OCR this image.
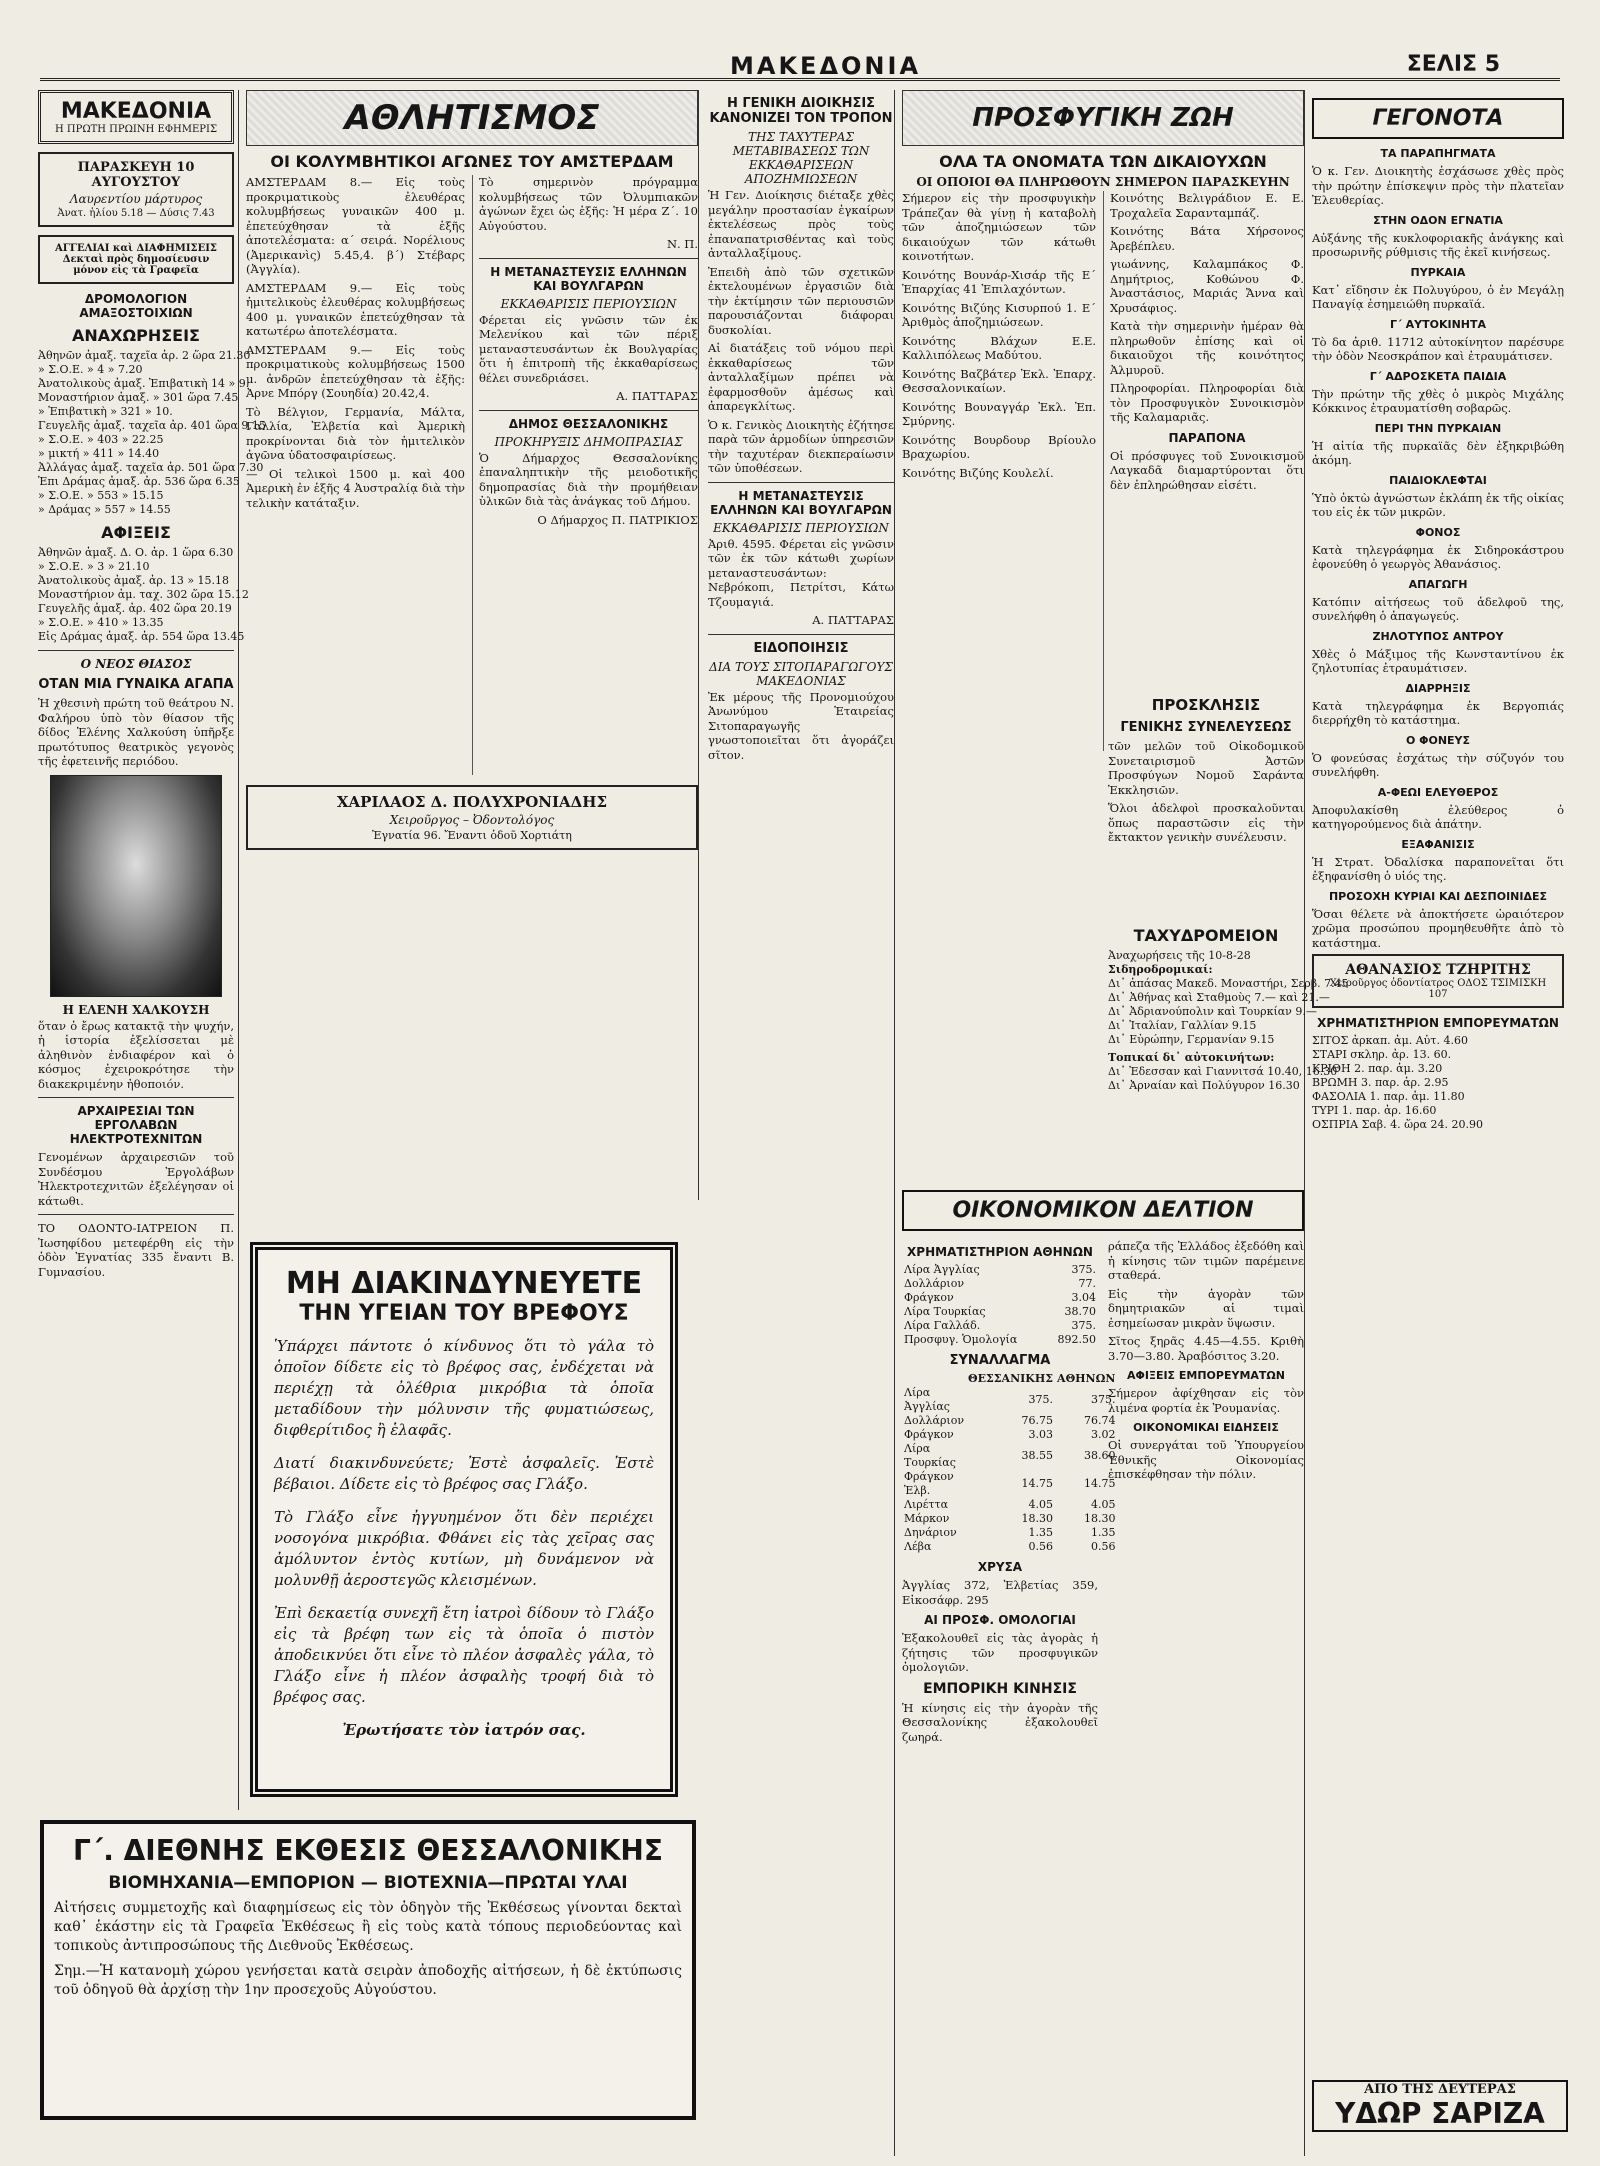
ΜΑΚΕΔΟΝΙΑ	ΣΕΛΙΣ 5
ΜΑΚΕΔΟΝΙΑ
Η ΠΡΩΤΗ ΠΡΩΙΝΗ ΕΦΗΜΕΡΙΣ
ΠΑΡΑΣΚΕΥΗ 10 ΑΥΓΟΥΣΤΟΥ
Λαυρεντίου μάρτυρος
Ἀνατ. ἡλίου 5.18 — Δύσις 7.43
ΑΓΓΕΛΙΑΙ καὶ ΔΙΑΦΗΜΙΣΕΙΣ Δεκταὶ πρὸς δημοσίευσιν μόνον εἰς τὰ Γραφεῖα
ΔΡΟΜΟΛΟΓΙΟΝ ΑΜΑΞΟΣΤΟΙΧΙΩΝ
ΑΝΑΧΩΡΗΣΕΙΣ
Ἀθηνῶν ἀμαξ. ταχεῖα ἀρ. 2 ὥρα 21.30
» Σ.Ο.Ε. » 4 » 7.20
Ἀνατολικοὺς ἀμαξ. Ἐπιβατικὴ 14 » 9.
Μοναστήριον ἀμαξ. » 301 ὥρα 7.45
» Ἐπιβατικὴ » 321 » 10.
Γευγελῆς ἀμαξ. ταχεῖα ἀρ. 401 ὥρα 9.15
» Σ.Ο.Ε. » 403 » 22.25
» μικτή » 411 » 14.40
Ἀλλάγας ἀμαξ. ταχεῖα ἀρ. 501 ὥρα 7.30
Ἐπι Δράμας ἀμαξ. ἀρ. 536 ὥρα 6.35
» Σ.Ο.Ε. » 553 » 15.15
» Δράμας » 557 » 14.55
ΑΦΙΞΕΙΣ
Ἀθηνῶν ἀμαξ. Δ. Ο. ἀρ. 1 ὥρα 6.30
» Σ.Ο.Ε. » 3 » 21.10
Ἀνατολικοὺς ἀμαξ. ἀρ. 13 » 15.18
Μοναστήριον ἀμ. ταχ. 302 ὥρα 15.12
Γευγελῆς ἀμαξ. ἀρ. 402 ὥρα 20.19
» Σ.Ο.Ε. » 410 » 13.35
Εἰς Δράμας ἀμαξ. ἀρ. 554 ὥρα 13.45
Ο ΝΕΟΣ ΘΙΑΣΟΣ
ΟΤΑΝ ΜΙΑ ΓΥΝΑΙΚΑ ΑΓΑΠΑ

Ἡ χθεσινὴ πρώτη τοῦ θεάτρου Ν. Φαλήρου ὑπὸ τὸν θίασον τῆς δίδος Ἑλένης Χαλκούση ὑπῆρξε πρωτότυπος θεατρικὸς γεγονὸς τῆς ἐφετεινῆς περιόδου.

Η ΕΛΕΝΗ ΧΑΛΚΟΥΣΗ

ὅταν ὁ ἔρως κατακτᾷ τὴν ψυχήν, ἡ ἱστορία ἐξελίσσεται μὲ ἀληθινὸν ἐνδιαφέρον καὶ ὁ κόσμος ἐχειροκρότησε τὴν διακεκριμένην ἠθοποιόν.

ΑΡΧΑΙΡΕΣΙΑΙ ΤΩΝ ΕΡΓΟΛΑΒΩΝ ΗΛΕΚΤΡΟΤΕΧΝΙΤΩΝ

Γενομένων ἀρχαιρεσιῶν τοῦ Συνδέσμου Ἐργολάβων Ἠλεκτροτεχνιτῶν ἐξελέγησαν οἱ κάτωθι.

ΤΟ ΟΔΟΝΤΟ-ΙΑΤΡΕΙΟΝ Π. Ἰωσηφίδου μετεφέρθη εἰς τὴν ὁδὸν Ἐγνατίας 335 ἔναντι Β. Γυμνασίου.

ΑΘΛΗΤΙΣΜΟΣ
ΟΙ ΚΟΛΥΜΒΗΤΙΚΟΙ ΑΓΩΝΕΣ ΤΟΥ ΑΜΣΤΕΡΔΑΜ

ΑΜΣΤΕΡΔΑΜ 8.— Εἰς τοὺς προκριματικοὺς ἐλευθέρας κολυμβήσεως γυναικῶν 400 μ. ἐπετεύχθησαν τὰ ἑξῆς ἀποτελέσματα: α΄ σειρά. Νορέλιους (Ἀμερικανὶς) 5.45,4. β΄) Στέβαρς (Ἀγγλία).

ΑΜΣΤΕΡΔΑΜ 9.— Εἰς τοὺς ἡμιτελικοὺς ἐλευθέρας κολυμβήσεως 400 μ. γυναικῶν ἐπετεύχθησαν τὰ κατωτέρω ἀποτελέσματα.

ΑΜΣΤΕΡΔΑΜ 9.— Εἰς τοὺς προκριματικοὺς κολυμβήσεως 1500 μ. ἀνδρῶν ἐπετεύχθησαν τὰ ἑξῆς: Ἀρνε Μπόργ (Σουηδία) 20.42,4.

Τὸ Βέλγιον, Γερμανία, Μάλτα, Γαλλία, Ἐλβετία καὶ Ἀμερικὴ προκρίνονται διὰ τὸν ἡμιτελικὸν ἀγῶνα ὑδατοσφαιρίσεως.

— Οἱ τελικοὶ 1500 μ. καὶ 400 Ἀμερικὴ ἐν ἑξῆς 4 Ἀυστραλίᾳ διὰ τὴν τελικὴν κατάταξιν.

Τὸ σημερινὸν πρόγραμμα κολυμβήσεως τῶν Ὀλυμπιακῶν ἀγώνων ἔχει ὡς ἑξῆς: Ἡ μέρα Ζ΄. 10 Αὐγούστου.

Ν. Π.

Η ΜΕΤΑΝΑΣΤΕΥΣΙΣ ΕΛΛΗΝΩΝ ΚΑΙ ΒΟΥΛΓΑΡΩΝ
ΕΚΚΑΘΑΡΙΣΙΣ ΠΕΡΙΟΥΣΙΩΝ

Φέρεται εἰς γνῶσιν τῶν ἐκ Μελενίκου καὶ τῶν πέριξ μεταναστευσάντων ἐκ Βουλγαρίας ὅτι ἡ ἐπιτροπὴ τῆς ἐκκαθαρίσεως θέλει συνεδριάσει.

Α. ΠΑΤΤΑΡΑΣ

ΔΗΜΟΣ ΘΕΣΣΑΛΟΝΙΚΗΣ
ΠΡΟΚΗΡΥΞΙΣ ΔΗΜΟΠΡΑΣΙΑΣ

Ὁ Δήμαρχος Θεσσαλονίκης ἐπαναληπτικὴν τῆς μειοδοτικῆς δημοπρασίας διὰ τὴν προμήθειαν ὑλικῶν διὰ τὰς ἀνάγκας τοῦ Δήμου.

Ο Δήμαρχος Π. ΠΑΤΡΙΚΙΟΣ

ΧΑΡΙΛΑΟΣ Δ. ΠΟΛΥΧΡΟΝΙΑΔΗΣ
Χειροῦργος – Ὀδοντολόγος
Ἐγνατία 96. Ἔναντι ὁδοῦ Χορτιάτη
ΜΗ ΔΙΑΚΙΝΔΥΝΕΥΕΤΕ
ΤΗΝ ΥΓΕΙΑΝ ΤΟΥ ΒΡΕΦΟΥΣ

Ὑπάρχει πάντοτε ὁ κίνδυνος ὅτι τὸ γάλα τὸ ὁποῖον δίδετε εἰς τὸ βρέφος σας, ἐνδέχεται νὰ περιέχῃ τὰ ὀλέθρια μικρόβια τὰ ὁποῖα μεταδίδουν τὴν μόλυνσιν τῆς φυματιώσεως, διφθερίτιδος ἢ ἑλαφᾶς.

Διατί διακινδυνεύετε; Ἐστὲ ἀσφαλεῖς. Ἐστὲ βέβαιοι. Δίδετε εἰς τὸ βρέφος σας Γλάξο.

Τὸ Γλάξο εἶνε ἠγγυημένον ὅτι δὲν περιέχει νοσογόνα μικρόβια. Φθάνει εἰς τὰς χεῖρας σας ἀμόλυντον ἐντὸς κυτίων, μὴ δυνάμενον νὰ μολυνθῇ ἀεροστεγῶς κλεισμένων.

Ἐπὶ δεκαετίᾳ συνεχῆ ἔτη ἰατροὶ δίδουν τὸ Γλάξο εἰς τὰ βρέφη των εἰς τὰ ὁποῖα ὁ πιστὸν ἀποδεικνύει ὅτι εἶνε τὸ πλέον ἀσφαλὲς γάλα, τὸ Γλάξο εἶνε ἡ πλέον ἀσφαλὴς τροφή διὰ τὸ βρέφος σας.

Ἐρωτήσατε τὸν ἰατρόν σας.

Γ΄. ΔΙΕΘΝΗΣ ΕΚΘΕΣΙΣ ΘΕΣΣΑΛΟΝΙΚΗΣ
ΒΙΟΜΗΧΑΝΙΑ—ΕΜΠΟΡΙΟΝ — ΒΙΟΤΕΧΝΙΑ—ΠΡΩΤΑΙ ΥΛΑΙ

Αἰτήσεις συμμετοχῆς καὶ διαφημίσεως εἰς τὸν ὁδηγὸν τῆς Ἐκθέσεως γίνονται δεκταὶ καθ᾽ ἑκάστην εἰς τὰ Γραφεῖα Ἐκθέσεως ἢ εἰς τοὺς κατὰ τόπους περιοδεύοντας καὶ τοπικοὺς ἀντιπροσώπους τῆς Διεθνοῦς Ἐκθέσεως.

Σημ.—Ἡ κατανομὴ χώρου γενήσεται κατὰ σειρὰν ἀποδοχῆς αἰτήσεων, ἡ δὲ ἐκτύπωσις τοῦ ὁδηγοῦ θὰ ἀρχίσῃ τὴν 1ην προσεχοῦς Αὐγούστου.

Η ΓΕΝΙΚΗ ΔΙΟΙΚΗΣΙΣ ΚΑΝΟΝΙΖΕΙ ΤΟΝ ΤΡΟΠΟΝ
ΤΗΣ ΤΑΧΥΤΕΡΑΣ ΜΕΤΑΒΙΒΑΣΕΩΣ ΤΩΝ ΕΚΚΑΘΑΡΙΣΕΩΝ ΑΠΟΖΗΜΙΩΣΕΩΝ

Ἡ Γεν. Διοίκησις διέταξε χθὲς μεγάλην προστασίαν ἐγκαίρων ἐκτελέσεως πρὸς τοὺς ἐπαναπατρισθέντας καὶ τοὺς ἀνταλλαξίμους.

Ἐπειδὴ ἀπὸ τῶν σχετικῶν ἐκτελουμένων ἐργασιῶν διὰ τὴν ἐκτίμησιν τῶν περιουσιῶν παρουσιάζονται διάφοραι δυσκολίαι.

Αἱ διατάξεις τοῦ νόμου περὶ ἐκκαθαρίσεως τῶν ἀνταλλαξίμων πρέπει νὰ ἐφαρμοσθοῦν ἀμέσως καὶ ἀπαρεγκλίτως.

Ὁ κ. Γενικὸς Διοικητὴς ἐζήτησε παρὰ τῶν ἁρμοδίων ὑπηρεσιῶν τὴν ταχυτέραν διεκπεραίωσιν τῶν ὑποθέσεων.

Η ΜΕΤΑΝΑΣΤΕΥΣΙΣ ΕΛΛΗΝΩΝ ΚΑΙ ΒΟΥΛΓΑΡΩΝ
ΕΚΚΑΘΑΡΙΣΙΣ ΠΕΡΙΟΥΣΙΩΝ

Ἀριθ. 4595. Φέρεται εἰς γνῶσιν τῶν ἐκ τῶν κάτωθι χωρίων μεταναστευσάντων: Νεβρόκοπι, Πετρίτσι, Κάτω Τζουμαγιά.

Α. ΠΑΤΤΑΡΑΣ

ΕΙΔΟΠΟΙΗΣΙΣ
ΔΙΑ ΤΟΥΣ ΣΙΤΟΠΑΡΑΓΩΓΟΥΣ ΜΑΚΕΔΟΝΙΑΣ

Ἐκ μέρους τῆς Προνομιούχου Ἀνωνύμου Ἑταιρείας Σιτοπαραγωγῆς γνωστοποιεῖται ὅτι ἀγοράζει σῖτον.

ΠΡΟΣΦΥΓΙΚΗ ΖΩΗ
ΟΛΑ ΤΑ ΟΝΟΜΑΤΑ ΤΩΝ ΔΙΚΑΙΟΥΧΩΝ
ΟΙ ΟΠΟΙΟΙ ΘΑ ΠΛΗΡΩΘΟΥΝ ΣΗΜΕΡΟΝ ΠΑΡΑΣΚΕΥΗΝ

Σήμερον εἰς τὴν προσφυγικὴν Τράπεζαν θὰ γίνῃ ἡ καταβολὴ τῶν ἀποζημιώσεων τῶν δικαιούχων τῶν κάτωθι κοινοτήτων.

Κοινότης Βουνάρ-Χισάρ τῆς Ε΄ Ἐπαρχίας 41 Ἐπιλαχόντων.

Κοινότης Βιζύης Κισυρπού 1. Ε΄ Ἀριθμὸς ἀποζημιώσεων.

Κοινότης Βλάχων Ε.Ε. Καλλιπόλεως Μαδύτου.

Κοινότης Βαζβάτερ Ἐκλ. Ἐπαρχ. Θεσσαλονικαίων.

Κοινότης Βουναγγάρ Ἐκλ. Ἐπ. Σμύρνης.

Κοινότης Βουρδουρ Βρίουλο Βραχωρίου.

Κοινότης Βιζύης Κουλελί.

Κοινότης Βελιγράδιον Ε. Ε. Τροχαλεῖα Σαρανταμπάζ.

Κοινότης Βάτα Χήρσονος Ἀρεβέπλευ.

γιωάννης, Καλαμπάκος Φ. Δημήτριος, Κοθώνου Φ. Ἀναστάσιος, Μαριάς Ἄννα καὶ Χρυσάφιος.

Κατὰ τὴν σημερινὴν ἡμέραν θὰ πληρωθοῦν ἐπίσης καὶ οἱ δικαιοῦχοι τῆς κοινότητος Ἀλμυροῦ.

Πληροφορίαι. Πληροφορίαι διὰ τὸν Προσφυγικὸν Συνοικισμὸν τῆς Καλαμαριᾶς.

ΠΑΡΑΠΟΝΑ

Οἱ πρόσφυγες τοῦ Συνοικισμοῦ Λαγκαδᾶ διαμαρτύρονται ὅτι δὲν ἐπληρώθησαν εἰσέτι.

ΠΡΟΣΚΛΗΣΙΣ
ΓΕΝΙΚΗΣ ΣΥΝΕΛΕΥΣΕΩΣ

τῶν μελῶν τοῦ Οἰκοδομικοῦ Συνεταιρισμοῦ Ἀστῶν Προσφύγων Νομοῦ Σαράντα Ἐκκλησιῶν.

Ὅλοι ἀδελφοὶ προσκαλοῦνται ὅπως παραστῶσιν εἰς τὴν ἔκτακτον γενικὴν συνέλευσιν.

ΤΑΧΥΔΡΟΜΕΙΟΝ
Ἀναχωρήσεις τῆς 10-8-28
Σιδηροδρομικαί:
Δι᾽ ἀπάσας Μακεδ. Μοναστήρι, Σερβ. 7.45
Δι᾽ Ἀθήνας καὶ Σταθμοὺς 7.— καὶ 21.—
Δι᾽ Ἀδριανούπολιν καὶ Τουρκίαν 9.—
Δι᾽ Ἰταλίαν, Γαλλίαν 9.15
Δι᾽ Εὐρώπην, Γερμανίαν 9.15
Τοπικαί δι᾽ αὐτοκινήτων:
Δι᾽ Ἐδεσσαν καὶ Γιαννιτσά 10.40, 16.30
Δι᾽ Ἀρναίαν καὶ Πολύγυρον 16.30
ΟΙΚΟΝΟΜΙΚΟΝ ΔΕΛΤΙΟΝ
ΧΡΗΜΑΤΙΣΤΗΡΙΟΝ ΑΘΗΝΩΝ
Λίρα Ἀγγλίας	375.
Δολλάριον	77.
Φράγκον	3.04
Λίρα Τουρκίας	38.70
Λίρα Γαλλάδ.	375.
Προσφυγ. Ὁμολογία	892.50
ΣΥΝΑΛΛΑΓΜΑ
	ΘΕΣΣΑΝΙΚΗΣ	ΑΘΗΝΩΝ
Λίρα Ἀγγλίας	375.	375.
Δολλάριον	76.75	76.74
Φράγκον	3.03	3.02
Λίρα Τουρκίας	38.55	38.60
Φράγκον Ἐλβ.	14.75	14.75
Λιρέττα	4.05	4.05
Μάρκον	18.30	18.30
Δηνάριον	1.35	1.35
Λέβα	0.56	0.56
ΧΡΥΣΑ

Ἀγγλίας 372, Ἐλβετίας 359, Εἰκοσάφρ. 295

ΑΙ ΠΡΟΣΦ. ΟΜΟΛΟΓΙΑΙ

Ἐξακολουθεῖ εἰς τὰς ἀγορὰς ἡ ζήτησις τῶν προσφυγικῶν ὁμολογιῶν.

ΕΜΠΟΡΙΚΗ ΚΙΝΗΣΙΣ

Ἡ κίνησις εἰς τὴν ἀγορὰν τῆς Θεσσαλονίκης ἐξακολουθεῖ ζωηρά.

ράπεζα τῆς Ἑλλάδος ἐξεδόθη καὶ ἡ κίνησις τῶν τιμῶν παρέμεινε σταθερά.

Εἰς τὴν ἀγορὰν τῶν δημητριακῶν αἱ τιμαὶ ἐσημείωσαν μικρὰν ὕψωσιν.

Σῖτος ξηρᾶς 4.45—4.55. Κριθὴ 3.70—3.80. Ἀραβόσιτος 3.20.

ΑΦΙΞΕΙΣ ΕΜΠΟΡΕΥΜΑΤΩΝ

Σήμερον ἀφίχθησαν εἰς τὸν λιμένα φορτία ἐκ Ῥουμανίας.

ΟΙΚΟΝΟΜΙΚΑΙ ΕΙΔΗΣΕΙΣ

Οἱ συνεργάται τοῦ Ὑπουργείου Ἐθνικῆς Οἰκονομίας ἐπισκέφθησαν τὴν πόλιν.

ΓΕΓΟΝΟΤΑ
ΤΑ ΠΑΡΑΠΗΓΜΑΤΑ

Ὁ κ. Γεν. Διοικητὴς ἐσχάσωσε χθὲς πρὸς τὴν πρώτην ἐπίσκεψιν πρὸς τὴν πλατεῖαν Ἐλευθερίας.

ΣΤΗΝ ΟΔΟΝ ΕΓΝΑΤΙΑ

Αὐξάνης τῆς κυκλοφοριακῆς ἀνάγκης καὶ προσωρινῆς ρύθμισις τῆς ἐκεῖ κινήσεως.

ΠΥΡΚΑΙΑ

Κατ᾽ εἴδησιν ἐκ Πολυγύρου, ὁ ἐν Μεγάλῃ Παναγίᾳ ἐσημειώθη πυρκαϊά.

Γ΄ ΑΥΤΟΚΙΝΗΤΑ

Τὸ δα ἀριθ. 11712 αὐτοκίνητον παρέσυρε τὴν ὁδὸν Νεοσκράπον καὶ ἐτραυμάτισεν.

Γ΄ ΑΔΡΟΣΚΕΤΑ ΠΑΙΔΙΑ

Τὴν πρώτην τῆς χθὲς ὁ μικρὸς Μιχάλης Κόκκινος ἐτραυματίσθη σοβαρῶς.

ΠΕΡΙ ΤΗΝ ΠΥΡΚΑΙΑΝ

Ἡ αἰτία τῆς πυρκαϊᾶς δὲν ἐξηκριβώθη ἀκόμη.

ΠΑΙΔΙΟΚΛΕΦΤΑΙ

Ὑπὸ ὀκτὼ ἀγνώστων ἐκλάπη ἐκ τῆς οἰκίας του εἰς ἐκ τῶν μικρῶν.

ΦΟΝΟΣ

Κατὰ τηλεγράφημα ἐκ Σιδηροκάστρου ἐφονεύθη ὁ γεωργὸς Ἀθανάσιος.

ΑΠΑΓΩΓΗ

Κατόπιν αἰτήσεως τοῦ ἀδελφοῦ της, συνελήφθη ὁ ἀπαγωγεύς.

ΖΗΛΟΤΥΠΟΣ ΑΝΤΡΟΥ

Χθὲς ὁ Μάξιμος τῆς Κωνσταντίνου ἐκ ζηλοτυπίας ἐτραυμάτισεν.

ΔΙΑΡΡΗΞΙΣ

Κατὰ τηλεγράφημα ἐκ Βεργοπιάς διερρήχθη τὸ κατάστημα.

Ο ΦΟΝΕΥΣ

Ὁ φονεύσας ἐσχάτως τὴν σύζυγόν του συνελήφθη.

Α-ΦΕΩΙ ΕΛΕΥΘΕΡΟΣ

Ἀποφυλακίσθη ἐλεύθερος ὁ κατηγορούμενος διὰ ἀπάτην.

ΕΞΑΦΑΝΙΣΙΣ

Ἡ Στρατ. Ὀδαλίσκα παραπονεῖται ὅτι ἐξηφανίσθη ὁ υἱός της.

ΠΡΟΣΟΧΗ ΚΥΡΙΑΙ ΚΑΙ ΔΕΣΠΟΙΝΙΔΕΣ

Ὅσαι θέλετε νὰ ἀποκτήσετε ὡραιότερον χρῶμα προσώπου προμηθευθῆτε ἀπὸ τὸ κατάστημα.

ΑΘΑΝΑΣΙΟΣ ΤΖΗΡΙΤΗΣ
Χειροῦργος ὀδοντίατρος ΟΔΟΣ ΤΣΙΜΙΣΚΗ 107
ΧΡΗΜΑΤΙΣΤΗΡΙΟΝ ΕΜΠΟΡΕΥΜΑΤΩΝ
ΣΙΤΟΣ ἀρκαπ. ἀμ. Αὐτ. 4.60
ΣΤΑΡΙ σκληρ. ἀρ. 13. 60.
ΚΡΙΘΗ 2. παρ. ἀμ. 3.20
ΒΡΩΜΗ 3. παρ. ἀρ. 2.95
ΦΑΣΟΛΙΑ 1. παρ. ἀμ. 11.80
ΤΥΡΙ 1. παρ. ἀρ. 16.60
ΟΣΠΡΙΑ Σαβ. 4. ὥρα 24. 20.90
ΑΠΟ ΤΗΣ ΔΕΥΤΕΡΑΣ
ΥΔΩΡ ΣΑΡΙΖΑ
